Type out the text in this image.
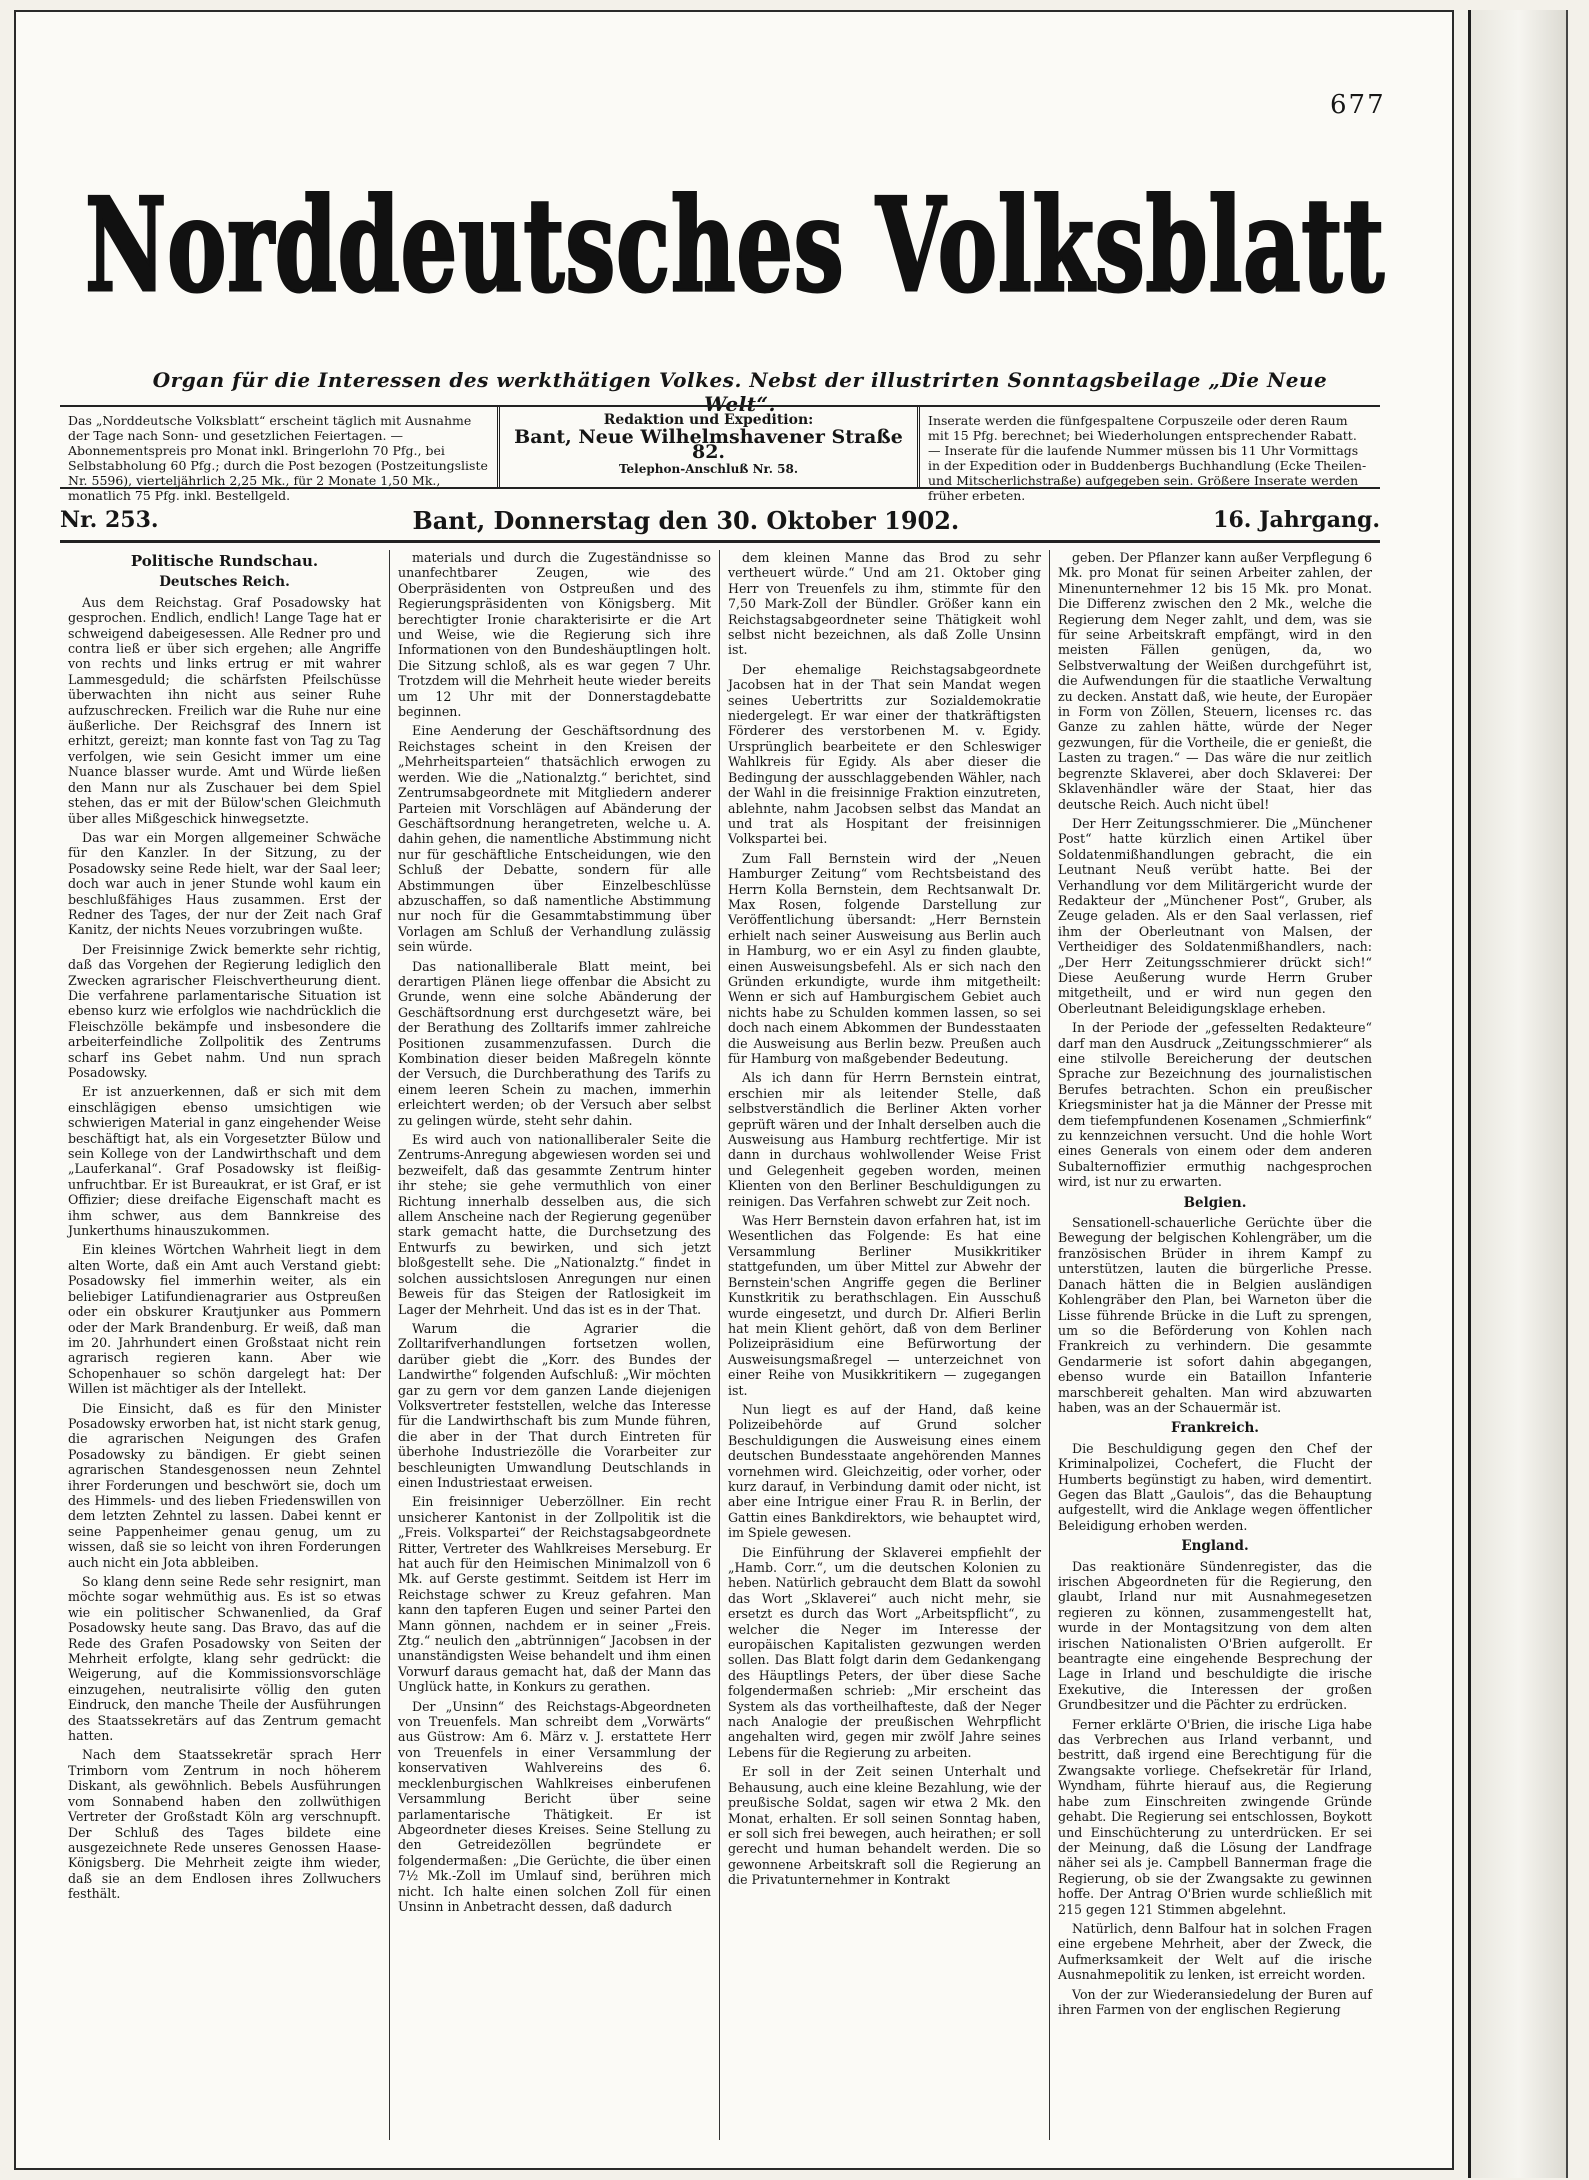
677
Norddeutsches Volksblatt
Organ für die Interessen des werkthätigen Volkes. Nebst der illustrirten Sonntagsbeilage „Die Neue Welt“.
Das „Norddeutsche Volksblatt“ erscheint täglich mit Ausnahme der Tage nach Sonn- und gesetzlichen Feiertagen. — Abonnementspreis pro Monat inkl. Bringerlohn 70 Pfg., bei Selbstabholung 60 Pfg.; durch die Post bezogen (Postzeitungsliste Nr. 5596), vierteljährlich 2,25 Mk., für 2 Monate 1,50 Mk., monatlich 75 Pfg. inkl. Bestellgeld.
Redaktion und Expedition:
Bant, Neue Wilhelmshavener Straße 82.
Telephon-Anschluß Nr. 58.
Inserate werden die fünfgespaltene Corpuszeile oder deren Raum mit 15 Pfg. berechnet; bei Wiederholungen entsprechender Rabatt. — Inserate für die laufende Nummer müssen bis 11 Uhr Vormittags in der Expedition oder in Buddenbergs Buchhandlung (Ecke Theilen- und Mitscherlichstraße) aufgegeben sein. Größere Inserate werden früher erbeten.
Nr. 253.	Bant, Donnerstag den 30. Oktober 1902.	16. Jahrgang.
Politische Rundschau.
Deutsches Reich.

Aus dem Reichstag. Graf Posadowsky hat gesprochen. Endlich, endlich! Lange Tage hat er schweigend dabeigesessen. Alle Redner pro und contra ließ er über sich ergehen; alle Angriffe von rechts und links ertrug er mit wahrer Lammesgeduld; die schärfsten Pfeilschüsse überwachten ihn nicht aus seiner Ruhe aufzuschrecken. Freilich war die Ruhe nur eine äußerliche. Der Reichsgraf des Innern ist erhitzt, gereizt; man konnte fast von Tag zu Tag verfolgen, wie sein Gesicht immer um eine Nuance blasser wurde. Amt und Würde ließen den Mann nur als Zuschauer bei dem Spiel stehen, das er mit der Bülow'schen Gleichmuth über alles Mißgeschick hinwegsetzte.

Das war ein Morgen allgemeiner Schwäche für den Kanzler. In der Sitzung, zu der Posadowsky seine Rede hielt, war der Saal leer; doch war auch in jener Stunde wohl kaum ein beschlußfähiges Haus zusammen. Erst der Redner des Tages, der nur der Zeit nach Graf Kanitz, der nichts Neues vorzubringen wußte.

Der Freisinnige Zwick bemerkte sehr richtig, daß das Vorgehen der Regierung lediglich den Zwecken agrarischer Fleischvertheurung dient. Die verfahrene parlamentarische Situation ist ebenso kurz wie erfolglos wie nachdrücklich die Fleischzölle bekämpfe und insbesondere die arbeiterfeindliche Zollpolitik des Zentrums scharf ins Gebet nahm. Und nun sprach Posadowsky.

Er ist anzuerkennen, daß er sich mit dem einschlägigen ebenso umsichtigen wie schwierigen Material in ganz eingehender Weise beschäftigt hat, als ein Vorgesetzter Bülow und sein Kollege von der Landwirthschaft und dem „Lauferkanal“. Graf Posadowsky ist fleißig-unfruchtbar. Er ist Bureaukrat, er ist Graf, er ist Offizier; diese dreifache Eigenschaft macht es ihm schwer, aus dem Bannkreise des Junkerthums hinauszukommen.

Ein kleines Wörtchen Wahrheit liegt in dem alten Worte, daß ein Amt auch Verstand giebt: Posadowsky fiel immerhin weiter, als ein beliebiger Latifundienagrarier aus Ostpreußen oder ein obskurer Krautjunker aus Pommern oder der Mark Brandenburg. Er weiß, daß man im 20. Jahrhundert einen Großstaat nicht rein agrarisch regieren kann. Aber wie Schopenhauer so schön dargelegt hat: Der Willen ist mächtiger als der Intellekt.

Die Einsicht, daß es für den Minister Posadowsky erworben hat, ist nicht stark genug, die agrarischen Neigungen des Grafen Posadowsky zu bändigen. Er giebt seinen agrarischen Standesgenossen neun Zehntel ihrer Forderungen und beschwört sie, doch um des Himmels- und des lieben Friedenswillen von dem letzten Zehntel zu lassen. Dabei kennt er seine Pappenheimer genau genug, um zu wissen, daß sie so leicht von ihren Forderungen auch nicht ein Jota abbleiben.

So klang denn seine Rede sehr resignirt, man möchte sogar wehmüthig aus. Es ist so etwas wie ein politischer Schwanenlied, da Graf Posadowsky heute sang. Das Bravo, das auf die Rede des Grafen Posadowsky von Seiten der Mehrheit erfolgte, klang sehr gedrückt: die Weigerung, auf die Kommissionsvorschläge einzugehen, neutralisirte völlig den guten Eindruck, den manche Theile der Ausführungen des Staatssekretärs auf das Zentrum gemacht hatten.

Nach dem Staatssekretär sprach Herr Trimborn vom Zentrum in noch höherem Diskant, als gewöhnlich. Bebels Ausführungen vom Sonnabend haben den zollwüthigen Vertreter der Großstadt Köln arg verschnupft. Der Schluß des Tages bildete eine ausgezeichnete Rede unseres Genossen Haase-Königsberg. Die Mehrheit zeigte ihm wieder, daß sie an dem Endlosen ihres Zollwuchers festhält.

materials und durch die Zugeständnisse so unanfechtbarer Zeugen, wie des Oberpräsidenten von Ostpreußen und des Regierungspräsidenten von Königsberg. Mit berechtigter Ironie charakterisirte er die Art und Weise, wie die Regierung sich ihre Informationen von den Bundeshäuptlingen holt. Die Sitzung schloß, als es war gegen 7 Uhr. Trotzdem will die Mehrheit heute wieder bereits um 12 Uhr mit der Donnerstagdebatte beginnen.

Eine Aenderung der Geschäftsordnung des Reichstages scheint in den Kreisen der „Mehrheitsparteien“ thatsächlich erwogen zu werden. Wie die „Nationalztg.“ berichtet, sind Zentrumsabgeordnete mit Mitgliedern anderer Parteien mit Vorschlägen auf Abänderung der Geschäftsordnung herangetreten, welche u. A. dahin gehen, die namentliche Abstimmung nicht nur für geschäftliche Entscheidungen, wie den Schluß der Debatte, sondern für alle Abstimmungen über Einzelbeschlüsse abzuschaffen, so daß namentliche Abstimmung nur noch für die Gesammtabstimmung über Vorlagen am Schluß der Verhandlung zulässig sein würde.

Das nationalliberale Blatt meint, bei derartigen Plänen liege offenbar die Absicht zu Grunde, wenn eine solche Abänderung der Geschäftsordnung erst durchgesetzt wäre, bei der Berathung des Zolltarifs immer zahlreiche Positionen zusammenzufassen. Durch die Kombination dieser beiden Maßregeln könnte der Versuch, die Durchberathung des Tarifs zu einem leeren Schein zu machen, immerhin erleichtert werden; ob der Versuch aber selbst zu gelingen würde, steht sehr dahin.

Es wird auch von nationalliberaler Seite die Zentrums-Anregung abgewiesen worden sei und bezweifelt, daß das gesammte Zentrum hinter ihr stehe; sie gehe vermuthlich von einer Richtung innerhalb desselben aus, die sich allem Anscheine nach der Regierung gegenüber stark gemacht hatte, die Durchsetzung des Entwurfs zu bewirken, und sich jetzt bloßgestellt sehe. Die „Nationalztg.“ findet in solchen aussichtslosen Anregungen nur einen Beweis für das Steigen der Ratlosigkeit im Lager der Mehrheit. Und das ist es in der That.

Warum die Agrarier die Zolltarifverhandlungen fortsetzen wollen, darüber giebt die „Korr. des Bundes der Landwirthe“ folgenden Aufschluß: „Wir möchten gar zu gern vor dem ganzen Lande diejenigen Volksvertreter feststellen, welche das Interesse für die Landwirthschaft bis zum Munde führen, die aber in der That durch Eintreten für überhohe Industriezölle die Vorarbeiter zur beschleunigten Umwandlung Deutschlands in einen Industriestaat erweisen.

Ein freisinniger Ueberzöllner. Ein recht unsicherer Kantonist in der Zollpolitik ist die „Freis. Volkspartei“ der Reichstagsabgeordnete Ritter, Vertreter des Wahlkreises Merseburg. Er hat auch für den Heimischen Minimalzoll von 6 Mk. auf Gerste gestimmt. Seitdem ist Herr im Reichstage schwer zu Kreuz gefahren. Man kann den tapferen Eugen und seiner Partei den Mann gönnen, nachdem er in seiner „Freis. Ztg.“ neulich den „abtrünnigen“ Jacobsen in der unanständigsten Weise behandelt und ihm einen Vorwurf daraus gemacht hat, daß der Mann das Unglück hatte, in Konkurs zu gerathen.

Der „Unsinn“ des Reichstags-Abgeordneten von Treuenfels. Man schreibt dem „Vorwärts“ aus Güstrow: Am 6. März v. J. erstattete Herr von Treuenfels in einer Versammlung der konservativen Wahlvereins des 6. mecklenburgischen Wahlkreises einberufenen Versammlung Bericht über seine parlamentarische Thätigkeit. Er ist Abgeordneter dieses Kreises. Seine Stellung zu den Getreidezöllen begründete er folgendermaßen: „Die Gerüchte, die über einen 7½ Mk.-Zoll im Umlauf sind, berühren mich nicht. Ich halte einen solchen Zoll für einen Unsinn in Anbetracht dessen, daß dadurch

dem kleinen Manne das Brod zu sehr vertheuert würde.“ Und am 21. Oktober ging Herr von Treuenfels zu ihm, stimmte für den 7,50 Mark-Zoll der Bündler. Größer kann ein Reichstagsabgeordneter seine Thätigkeit wohl selbst nicht bezeichnen, als daß Zolle Unsinn ist.

Der ehemalige Reichstagsabgeordnete Jacobsen hat in der That sein Mandat wegen seines Uebertritts zur Sozialdemokratie niedergelegt. Er war einer der thatkräftigsten Förderer des verstorbenen M. v. Egidy. Ursprünglich bearbeitete er den Schleswiger Wahlkreis für Egidy. Als aber dieser die Bedingung der ausschlaggebenden Wähler, nach der Wahl in die freisinnige Fraktion einzutreten, ablehnte, nahm Jacobsen selbst das Mandat an und trat als Hospitant der freisinnigen Volkspartei bei.

Zum Fall Bernstein wird der „Neuen Hamburger Zeitung“ vom Rechtsbeistand des Herrn Kolla Bernstein, dem Rechtsanwalt Dr. Max Rosen, folgende Darstellung zur Veröffentlichung übersandt: „Herr Bernstein erhielt nach seiner Ausweisung aus Berlin auch in Hamburg, wo er ein Asyl zu finden glaubte, einen Ausweisungsbefehl. Als er sich nach den Gründen erkundigte, wurde ihm mitgetheilt: Wenn er sich auf Hamburgischem Gebiet auch nichts habe zu Schulden kommen lassen, so sei doch nach einem Abkommen der Bundesstaaten die Ausweisung aus Berlin bezw. Preußen auch für Hamburg von maßgebender Bedeutung.

Als ich dann für Herrn Bernstein eintrat, erschien mir als leitender Stelle, daß selbstverständlich die Berliner Akten vorher geprüft wären und der Inhalt derselben auch die Ausweisung aus Hamburg rechtfertige. Mir ist dann in durchaus wohlwollender Weise Frist und Gelegenheit gegeben worden, meinen Klienten von den Berliner Beschuldigungen zu reinigen. Das Verfahren schwebt zur Zeit noch.

Was Herr Bernstein davon erfahren hat, ist im Wesentlichen das Folgende: Es hat eine Versammlung Berliner Musikkritiker stattgefunden, um über Mittel zur Abwehr der Bernstein'schen Angriffe gegen die Berliner Kunstkritik zu berathschlagen. Ein Ausschuß wurde eingesetzt, und durch Dr. Alfieri Berlin hat mein Klient gehört, daß von dem Berliner Polizeipräsidium eine Befürwortung der Ausweisungsmaßregel — unterzeichnet von einer Reihe von Musikkritikern — zugegangen ist.

Nun liegt es auf der Hand, daß keine Polizeibehörde auf Grund solcher Beschuldigungen die Ausweisung eines einem deutschen Bundesstaate angehörenden Mannes vornehmen wird. Gleichzeitig, oder vorher, oder kurz darauf, in Verbindung damit oder nicht, ist aber eine Intrigue einer Frau R. in Berlin, der Gattin eines Bankdirektors, wie behauptet wird, im Spiele gewesen.

Die Einführung der Sklaverei empfiehlt der „Hamb. Corr.“, um die deutschen Kolonien zu heben. Natürlich gebraucht dem Blatt da sowohl das Wort „Sklaverei“ auch nicht mehr, sie ersetzt es durch das Wort „Arbeitspflicht“, zu welcher die Neger im Interesse der europäischen Kapitalisten gezwungen werden sollen. Das Blatt folgt darin dem Gedankengang des Häuptlings Peters, der über diese Sache folgendermaßen schrieb: „Mir erscheint das System als das vortheilhafteste, daß der Neger nach Analogie der preußischen Wehrpflicht angehalten wird, gegen mir zwölf Jahre seines Lebens für die Regierung zu arbeiten.

Er soll in der Zeit seinen Unterhalt und Behausung, auch eine kleine Bezahlung, wie der preußische Soldat, sagen wir etwa 2 Mk. den Monat, erhalten. Er soll seinen Sonntag haben, er soll sich frei bewegen, auch heirathen; er soll gerecht und human behandelt werden. Die so gewonnene Arbeitskraft soll die Regierung an die Privatunternehmer in Kontrakt

geben. Der Pflanzer kann außer Verpflegung 6 Mk. pro Monat für seinen Arbeiter zahlen, der Minenunternehmer 12 bis 15 Mk. pro Monat. Die Differenz zwischen den 2 Mk., welche die Regierung dem Neger zahlt, und dem, was sie für seine Arbeitskraft empfängt, wird in den meisten Fällen genügen, da, wo Selbstverwaltung der Weißen durchgeführt ist, die Aufwendungen für die staatliche Verwaltung zu decken. Anstatt daß, wie heute, der Europäer in Form von Zöllen, Steuern, licenses rc. das Ganze zu zahlen hätte, würde der Neger gezwungen, für die Vortheile, die er genießt, die Lasten zu tragen.“ — Das wäre die nur zeitlich begrenzte Sklaverei, aber doch Sklaverei: Der Sklavenhändler wäre der Staat, hier das deutsche Reich. Auch nicht übel!

Der Herr Zeitungsschmierer. Die „Münchener Post“ hatte kürzlich einen Artikel über Soldatenmißhandlungen gebracht, die ein Leutnant Neuß verübt hatte. Bei der Verhandlung vor dem Militärgericht wurde der Redakteur der „Münchener Post“, Gruber, als Zeuge geladen. Als er den Saal verlassen, rief ihm der Oberleutnant von Malsen, der Vertheidiger des Soldatenmißhandlers, nach: „Der Herr Zeitungsschmierer drückt sich!“ Diese Aeußerung wurde Herrn Gruber mitgetheilt, und er wird nun gegen den Oberleutnant Beleidigungsklage erheben.

In der Periode der „gefesselten Redakteure“ darf man den Ausdruck „Zeitungsschmierer“ als eine stilvolle Bereicherung der deutschen Sprache zur Bezeichnung des journalistischen Berufes betrachten. Schon ein preußischer Kriegsminister hat ja die Männer der Presse mit dem tiefempfundenen Kosenamen „Schmierfink“ zu kennzeichnen versucht. Und die hohle Wort eines Generals von einem oder dem anderen Subalternoffizier ermuthig nachgesprochen wird, ist nur zu erwarten.

Belgien.

Sensationell-schauerliche Gerüchte über die Bewegung der belgischen Kohlengräber, um die französischen Brüder in ihrem Kampf zu unterstützen, lauten die bürgerliche Presse. Danach hätten die in Belgien ausländigen Kohlengräber den Plan, bei Warneton über die Lisse führende Brücke in die Luft zu sprengen, um so die Beförderung von Kohlen nach Frankreich zu verhindern. Die gesammte Gendarmerie ist sofort dahin abgegangen, ebenso wurde ein Bataillon Infanterie marschbereit gehalten. Man wird abzuwarten haben, was an der Schauermär ist.

Frankreich.

Die Beschuldigung gegen den Chef der Kriminalpolizei, Cochefert, die Flucht der Humberts begünstigt zu haben, wird dementirt. Gegen das Blatt „Gaulois“, das die Behauptung aufgestellt, wird die Anklage wegen öffentlicher Beleidigung erhoben werden.

England.

Das reaktionäre Sündenregister, das die irischen Abgeordneten für die Regierung, den glaubt, Irland nur mit Ausnahmegesetzen regieren zu können, zusammengestellt hat, wurde in der Montagsitzung von dem alten irischen Nationalisten O'Brien aufgerollt. Er beantragte eine eingehende Besprechung der Lage in Irland und beschuldigte die irische Exekutive, die Interessen der großen Grundbesitzer und die Pächter zu erdrücken.

Ferner erklärte O'Brien, die irische Liga habe das Verbrechen aus Irland verbannt, und bestritt, daß irgend eine Berechtigung für die Zwangsakte vorliege. Chefsekretär für Irland, Wyndham, führte hierauf aus, die Regierung habe zum Einschreiten zwingende Gründe gehabt. Die Regierung sei entschlossen, Boykott und Einschüchterung zu unterdrücken. Er sei der Meinung, daß die Lösung der Landfrage näher sei als je. Campbell Bannerman frage die Regierung, ob sie der Zwangsakte zu gewinnen hoffe. Der Antrag O'Brien wurde schließlich mit 215 gegen 121 Stimmen abgelehnt.

Natürlich, denn Balfour hat in solchen Fragen eine ergebene Mehrheit, aber der Zweck, die Aufmerksamkeit der Welt auf die irische Ausnahmepolitik zu lenken, ist erreicht worden.

Von der zur Wiederansiedelung der Buren auf ihren Farmen von der englischen Regierung
